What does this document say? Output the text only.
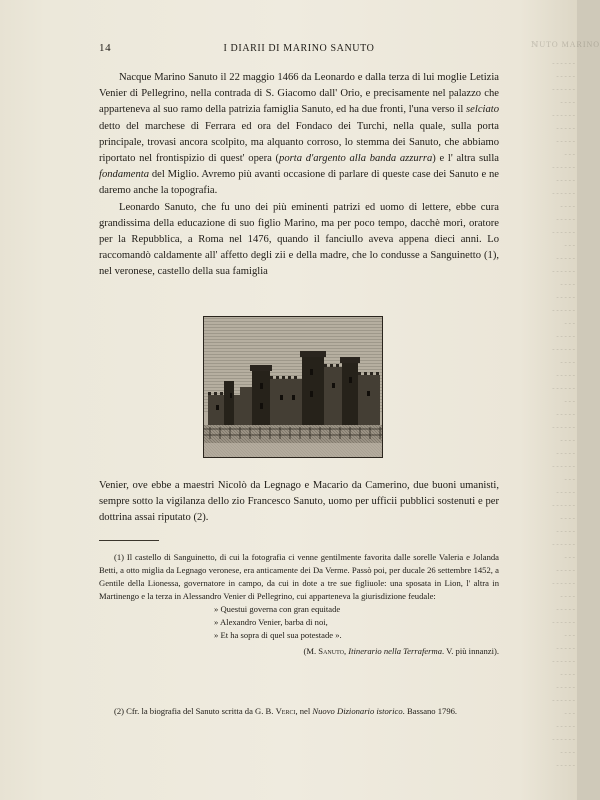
ℕUTO MARINO
‑ ‑ ‑ ‑ ‑ ‑
‑ ‑ ‑ ‑ ‑
‑ ‑ ‑ ‑ ‑ ‑
‑ ‑ ‑ ‑
‑ ‑ ‑ ‑ ‑ ‑
‑ ‑ ‑ ‑ ‑
‑ ‑ ‑ ‑ ‑
‑ ‑ ‑
‑ ‑ ‑ ‑ ‑ ‑
‑ ‑ ‑ ‑ ‑
‑ ‑ ‑ ‑ ‑ ‑
‑ ‑ ‑ ‑
‑ ‑ ‑ ‑ ‑
‑ ‑ ‑ ‑ ‑ ‑
‑ ‑ ‑
‑ ‑ ‑ ‑ ‑
‑ ‑ ‑ ‑ ‑ ‑
‑ ‑ ‑ ‑
‑ ‑ ‑ ‑ ‑
‑ ‑ ‑ ‑ ‑ ‑
‑ ‑ ‑
‑ ‑ ‑ ‑ ‑
‑ ‑ ‑ ‑ ‑ ‑
‑ ‑ ‑ ‑
‑ ‑ ‑ ‑ ‑
‑ ‑ ‑ ‑ ‑ ‑
‑ ‑ ‑
‑ ‑ ‑ ‑ ‑
‑ ‑ ‑ ‑ ‑ ‑
‑ ‑ ‑ ‑
‑ ‑ ‑ ‑ ‑
‑ ‑ ‑ ‑ ‑ ‑
‑ ‑ ‑
‑ ‑ ‑ ‑ ‑
‑ ‑ ‑ ‑ ‑ ‑
‑ ‑ ‑ ‑
‑ ‑ ‑ ‑ ‑
‑ ‑ ‑ ‑ ‑ ‑
‑ ‑ ‑
‑ ‑ ‑ ‑ ‑
‑ ‑ ‑ ‑ ‑ ‑
‑ ‑ ‑ ‑
‑ ‑ ‑ ‑ ‑
‑ ‑ ‑ ‑ ‑ ‑
‑ ‑ ‑
‑ ‑ ‑ ‑ ‑
‑ ‑ ‑ ‑ ‑ ‑
‑ ‑ ‑ ‑
‑ ‑ ‑ ‑ ‑
‑ ‑ ‑ ‑ ‑ ‑
‑ ‑ ‑
‑ ‑ ‑ ‑ ‑
‑ ‑ ‑ ‑ ‑ ‑
‑ ‑ ‑ ‑
‑ ‑ ‑ ‑ ‑
14	I DIARII DI MARINO SANUTO

Nacque Marino Sanuto il 22 maggio 1466 da Leonardo e dalla terza di lui moglie Letizia Venier di Pellegrino, nella contrada di S. Giacomo dall' Orio, e precisamente nel palazzo che apparteneva al suo ramo della patrizia famiglia Sanuto, ed ha due fronti, l'una verso il selciato detto del marchese di Ferrara ed ora del Fondaco dei Turchi, nella quale, sulla porta principale, trovasi ancora scolpito, ma alquanto corroso, lo stemma dei Sanuto, che abbiamo riportato nel frontispizio di quest' opera (porta d'argento alla banda azzurra) e l' altra sulla fondamenta del Miglio. Avremo più avanti occasione di parlare di queste case dei Sanuto e ne daremo anche la topografia.

Leonardo Sanuto, che fu uno dei più eminenti patrizi ed uomo di lettere, ebbe cura grandissima della educazione di suo figlio Marino, ma per poco tempo, dacchè morì, oratore per la Repubblica, a Roma nel 1476, quando il fanciullo aveva appena dieci anni. Lo raccomandò caldamente all' affetto degli zii e della madre, che lo condusse a Sanguinetto (1), nel veronese, castello della sua famiglia

Venier, ove ebbe a maestri Nicolò da Legnago e Macario da Camerino, due buoni umanisti, sempre sotto la vigilanza dello zio Francesco Sanuto, uomo per ufficii pubblici sostenuti e per dottrina assai riputato (2).

(1) Il castello di Sanguinetto, di cui la fotografia ci venne gentilmente favorita dalle sorelle Valeria e Jolanda Betti, a otto miglia da Legnago veronese, era anticamente dei Da Verme. Passò poi, per ducale 26 settembre 1452, a Gentile della Lionessa, governatore in campo, da cui in dote a tre sue figliuole: una sposata in Lion, l' altra in Martinengo e la terza in Alessandro Venier di Pellegrino, cui apparteneva la giurisdizione feudale:

» Questui governa con gran equitade

» Alexandro Venier, barba di noi,

» Et ha sopra di quel sua potestade ».

(M. Sanuto, Itinerario nella Terraferma. V. più innanzi).

(2) Cfr. la biografia del Sanuto scritta da G. B. Verci, nel Nuovo Dizionario istorico. Bassano 1796.
